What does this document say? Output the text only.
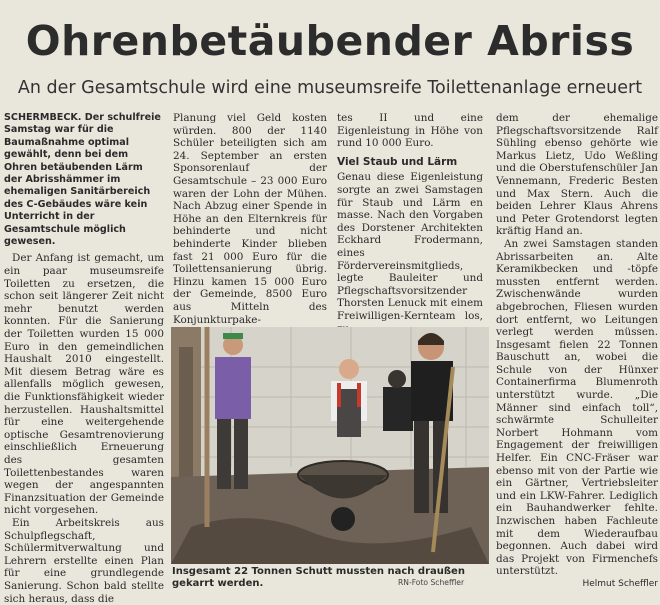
Ohrenbetäubender Abriss
An der Gesamtschule wird eine museumsreife Toilettenanlage erneuert

SCHERMBECK. Der schulfreie Samstag war für die Baumaßnahme optimal gewählt, denn bei dem Ohren betäubenden Lärm der Abrisshämmer im ehemaligen Sanitärbereich des C-Gebäudes wäre kein Unterricht in der Gesamtschule möglich gewesen.

Der Anfang ist gemacht, um ein paar museumsreife Toiletten zu ersetzen, die schon seit längerer Zeit nicht mehr benutzt werden konnten. Für die Sanierung der Toiletten wurden 15 000 Euro in den gemeindlichen Haushalt 2010 eingestellt. Mit diesem Betrag wäre es allenfalls möglich gewesen, die Funktionsfähigkeit wieder herzustellen. Haushaltsmittel für eine weitergehende optische Gesamtrenovierung einschließlich Erneuerung des gesamten Toilettenbestandes waren wegen der angespannten Finanzsituation der Gemeinde nicht vorgesehen.

Ein Arbeitskreis aus Schulpflegschaft, Schülermitverwaltung und Lehrern erstellte einen Plan für eine grundlegende Sanierung. Schon bald stellte sich heraus, dass die

Planung viel Geld kosten würden. 800 der 1140 Schüler beteiligten sich am 24. September an ersten Sponsorenlauf der Gesamtschule – 23 000 Euro waren der Lohn der Mühen. Nach Abzug einer Spende in Höhe an den Elternkreis für behinderte und nicht behinderte Kinder blieben fast 21 000 Euro für die Toilettensanierung übrig. Hinzu kamen 15 000 Euro der Gemeinde, 8500 Euro aus Mitteln des Konjunkturpake-

tes II und eine Eigenleistung in Höhe von rund 10 000 Euro.

Viel Staub und Lärm

Genau diese Eigenleistung sorgte an zwei Samstagen für Staub und Lärm en masse. Nach den Vorgaben des Dorstener Architekten Eckhard Frodermann, eines Fördervereinsmitglieds, legte Bauleiter und Pflegschaftsvorsitzender Thorsten Lenuck mit einem Freiwilligen-Kernteam los,

dem der ehemalige Pflegschaftsvorsitzende Ralf Sühling ebenso gehörte wie Markus Lietz, Udo Weßling und die Oberstufenschüler Jan Vennemann, Frederic Besten und Max Stern. Auch die beiden Lehrer Klaus Ahrens und Peter Grotendorst legten kräftig Hand an.

An zwei Samstagen standen Abrissarbeiten an. Alte Keramikbecken und -töpfe mussten entfernt werden. Zwischenwände wurden abgebrochen, Fliesen wurden dort entfernt, wo Leitungen verlegt werden müssen. Insgesamt fielen 22 Tonnen Bauschutt an, wobei die Schule von der Hünxer Containerfirma Blumenroth unterstützt wurde. „Die Männer sind einfach toll“, schwärmte Schulleiter Norbert Hohmann vom Engagement der freiwilligen Helfer. Ein CNC-Fräser war ebenso mit von der Partie wie ein Gärtner, Vertriebsleiter und ein LKW-Fahrer. Lediglich ein Bauhandwerker fehlte. Inzwischen haben Fachleute mit dem Wiederaufbau begonnen. Auch dabei wird das Projekt von Firmenchefs unterstützt.

Helmut Scheffler
Insgesamt 22 Tonnen Schutt mussten nach draußen gekarrt werden.	RN-Foto Scheffler
